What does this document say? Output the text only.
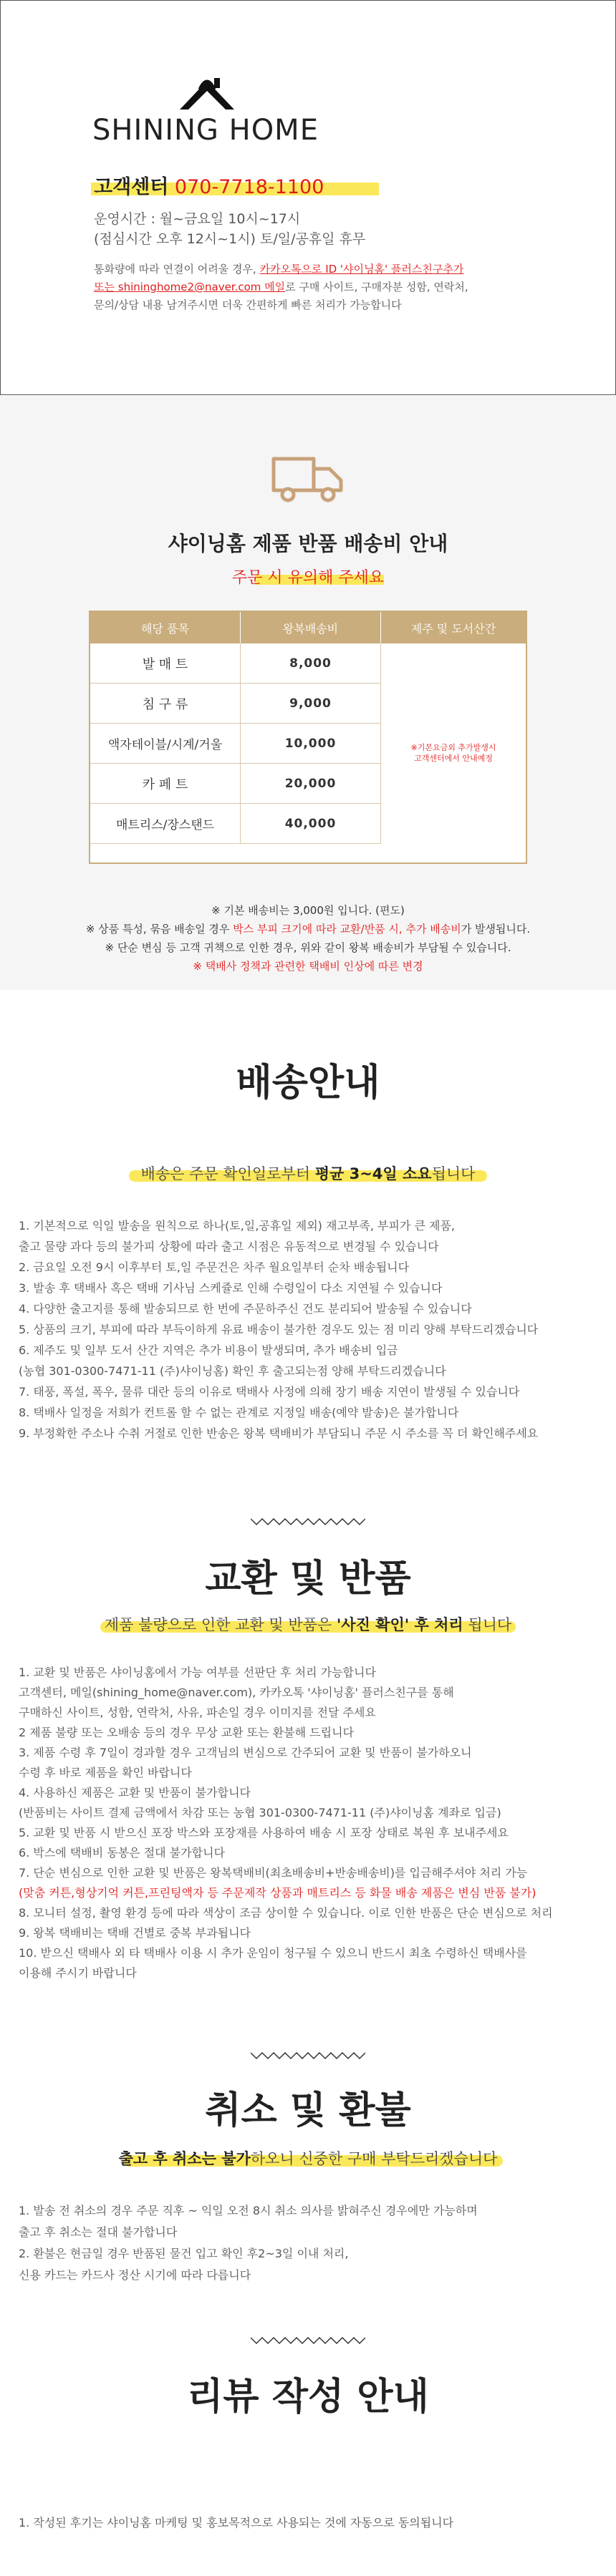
SHINING HOME
고객센터 070-7718-1100
운영시간 : 월~금요일 10시~17시
(점심시간 오후 12시~1시) 토/일/공휴일 휴무
통화량에 따라 연결이 어려울 경우, 카카오톡으로 ID '샤이닝홈' 플러스친구추가
또는 shininghome2@naver.com 메일로 구매 사이트, 구매자분 성함, 연락처,
문의/상담 내용 남겨주시면 더욱 간편하게 빠른 처리가 가능합니다
샤이닝홈 제품 반품 배송비 안내
주문 시 유의해 주세요
해당 품목	왕복배송비	제주 및 도서산간
발 매 트	8,000
침 구 류	9,000
액자테이블/시계/거울	10,000
카 페 트	20,000
매트리스/장스탠드	40,000
※기본요금외 추가발생시
고객센터에서 안내예정
※ 기본 배송비는 3,000원 입니다. (편도)
※ 상품 특성, 묶음 배송일 경우 박스 부피 크기에 따라 교환/반품 시, 추가 배송비가 발생됩니다.
※ 단순 변심 등 고객 귀책으로 인한 경우, 위와 같이 왕복 배송비가 부담될 수 있습니다.
※ 택배사 정책과 관련한 택배비 인상에 따른 변경
배송안내
배송은 주문 확인일로부터 평균 3~4일 소요됩니다
1. 기본적으로 익일 발송을 원칙으로 하나(토,일,공휴일 제외) 재고부족, 부피가 큰 제품,
출고 물량 과다 등의 불가피 상황에 따라 출고 시점은 유동적으로 변경될 수 있습니다
2. 금요일 오전 9시 이후부터 토,일 주문건은 차주 월요일부터 순차 배송됩니다
3. 발송 후 택배사 혹은 택배 기사님 스케쥴로 인해 수령일이 다소 지연될 수 있습니다
4. 다양한 출고지를 통해 발송되므로 한 번에 주문하주신 건도 분리되어 발송될 수 있습니다
5. 상품의 크기, 부피에 따라 부득이하게 유료 배송이 불가한 경우도 있는 점 미리 양해 부탁드리겠습니다
6. 제주도 및 일부 도서 산간 지역은 추가 비용이 발생되며, 추가 배송비 입금
(농협 301-0300-7471-11 (주)샤이닝홈) 확인 후 출고되는점 양해 부탁드리겠습니다
7. 태풍, 폭설, 폭우, 물류 대란 등의 이유로 택배사 사정에 의해 장기 배송 지연이 발생될 수 있습니다
8. 택배사 일정을 저희가 컨트롤 할 수 없는 관계로 지정일 배송(예약 발송)은 불가합니다
9. 부정확한 주소나 수취 거절로 인한 반송은 왕복 택배비가 부담되니 주문 시 주소를 꼭 더 확인해주세요
교환 및 반품
제품 불량으로 인한 교환 및 반품은 '사진 확인' 후 처리 됩니다
1. 교환 및 반품은 샤이닝홈에서 가능 여부를 선판단 후 처리 가능합니다
고객센터, 메일(shining_home@naver.com), 카카오톡 '샤이닝홈' 플러스친구를 통해
구매하신 사이트, 성함, 연락처, 사유, 파손일 경우 이미지를 전달 주세요
2 제품 불량 또는 오배송 등의 경우 무상 교환 또는 환불해 드립니다
3. 제품 수령 후 7일이 경과할 경우 고객님의 변심으로 간주되어 교환 및 반품이 불가하오니
수령 후 바로 제품을 확인 바랍니다
4. 사용하신 제품은 교환 및 반품이 불가합니다
(반품비는 사이트 결제 금액에서 차감 또는 농협 301-0300-7471-11 (주)샤이닝홈 계좌로 입금)
5. 교환 및 반품 시 받으신 포장 박스와 포장재를 사용하여 배송 시 포장 상태로 복원 후 보내주세요
6. 박스에 택배비 동봉은 절대 불가합니다
7. 단순 변심으로 인한 교환 및 반품은 왕복택배비(최초배송비+반송배송비)를 입금해주셔야 처리 가능
(맞춤 커튼,형상기억 커튼,프린팅액자 등 주문제작 상품과 매트리스 등 화물 배송 제품은 변심 반품 불가)
8. 모니터 설정, 촬영 환경 등에 따라 색상이 조금 상이할 수 있습니다. 이로 인한 반품은 단순 변심으로 처리
9. 왕복 택배비는 택배 건별로 중복 부과됩니다
10. 받으신 택배사 외 타 택배사 이용 시 추가 운임이 청구될 수 있으니 반드시 최초 수령하신 택배사를
이용해 주시기 바랍니다
취소 및 환불
출고 후 취소는 불가하오니 신중한 구매 부탁드리겠습니다
1. 발송 전 취소의 경우 주문 직후 ~ 익일 오전 8시 취소 의사를 밝혀주신 경우에만 가능하며
출고 후 취소는 절대 불가합니다
2. 환불은 현금일 경우 반품된 물건 입고 확인 후2~3일 이내 처리,
신용 카드는 카드사 정산 시기에 따라 다릅니다
리뷰 작성 안내
1. 작성된 후기는 샤이닝홈 마케팅 및 홍보목적으로 사용되는 것에 자동으로 동의됩니다
